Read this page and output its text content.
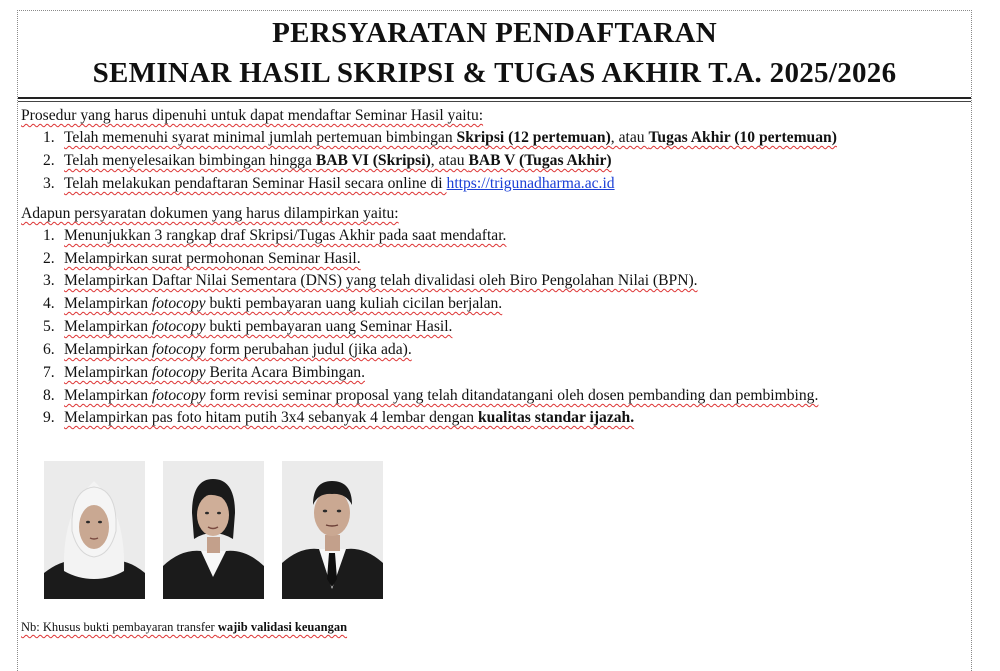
PERSYARATAN PENDAFTARAN
SEMINAR HASIL SKRIPSI & TUGAS AKHIR T.A. 2025/2026
Prosedur yang harus dipenuhi untuk dapat mendaftar Seminar Hasil yaitu:
1. Telah memenuhi syarat minimal jumlah pertemuan bimbingan Skripsi (12 pertemuan), atau Tugas Akhir (10 pertemuan)
2. Telah menyelesaikan bimbingan hingga BAB VI (Skripsi), atau BAB V (Tugas Akhir)
3. Telah melakukan pendaftaran Seminar Hasil secara online di https://trigunadharma.ac.id
Adapun persyaratan dokumen yang harus dilampirkan yaitu:
1. Menunjukkan 3 rangkap draf Skripsi/Tugas Akhir pada saat mendaftar.
2. Melampirkan surat permohonan Seminar Hasil.
3. Melampirkan Daftar Nilai Sementara (DNS) yang telah divalidasi oleh Biro Pengolahan Nilai (BPN).
4. Melampirkan fotocopy bukti pembayaran uang kuliah cicilan berjalan.
5. Melampirkan fotocopy bukti pembayaran uang Seminar Hasil.
6. Melampirkan fotocopy form perubahan judul (jika ada).
7. Melampirkan fotocopy Berita Acara Bimbingan.
8. Melampirkan fotocopy form revisi seminar proposal yang telah ditandatangani oleh dosen pembanding dan pembimbing.
9. Melampirkan pas foto hitam putih 3x4 sebanyak 4 lembar dengan kualitas standar ijazah.
Nb: Khusus bukti pembayaran transfer wajib validasi keuangan
